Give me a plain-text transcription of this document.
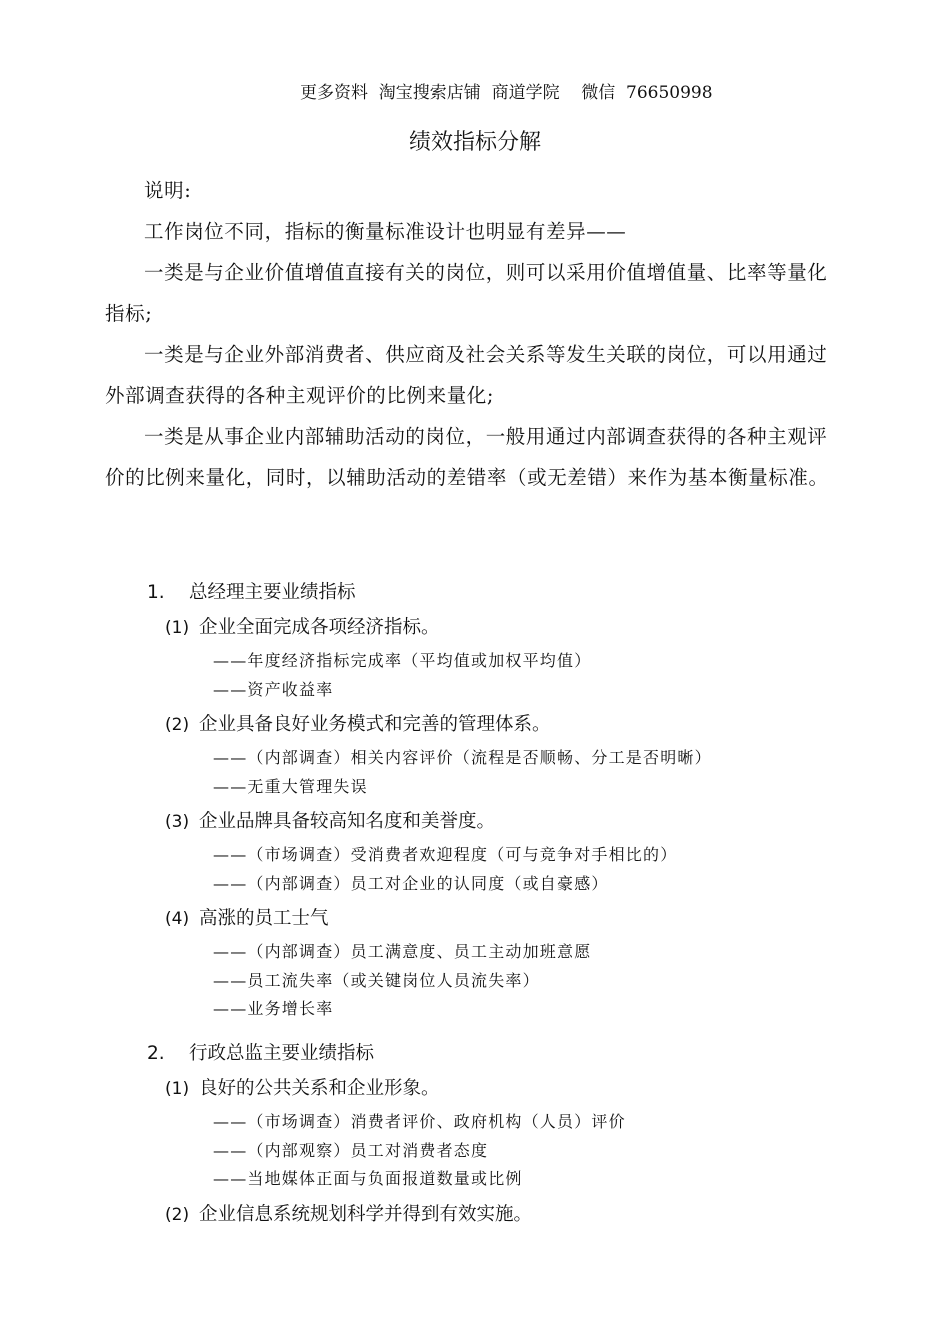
更多资料  淘宝搜索店铺  商道学院    微信  76650998
绩效指标分解

说明:

工作岗位不同，指标的衡量标准设计也明显有差异——

一类是与企业价值增值直接有关的岗位，则可以采用价值增值量、比率等量化指标;

一类是与企业外部消费者、供应商及社会关系等发生关联的岗位，可以用通过外部调查获得的各种主观评价的比例来量化;

一类是从事企业内部辅助活动的岗位，一般用通过内部调查获得的各种主观评价的比例来量化，同时，以辅助活动的差错率（或无差错）来作为基本衡量标准。

1. 总经理主要业绩指标
(1) 企业全面完成各项经济指标。
——年度经济指标完成率（平均值或加权平均值）
——资产收益率
(2) 企业具备良好业务模式和完善的管理体系。
——（内部调查）相关内容评价（流程是否顺畅、分工是否明晰）
——无重大管理失误
(3) 企业品牌具备较高知名度和美誉度。
——（市场调查）受消费者欢迎程度（可与竞争对手相比的）
——（内部调查）员工对企业的认同度（或自豪感）
(4) 高涨的员工士气
——（内部调查）员工满意度、员工主动加班意愿
——员工流失率（或关键岗位人员流失率）
——业务增长率
2. 行政总监主要业绩指标
(1) 良好的公共关系和企业形象。
——（市场调查）消费者评价、政府机构（人员）评价
——（内部观察）员工对消费者态度
——当地媒体正面与负面报道数量或比例
(2) 企业信息系统规划科学并得到有效实施。
